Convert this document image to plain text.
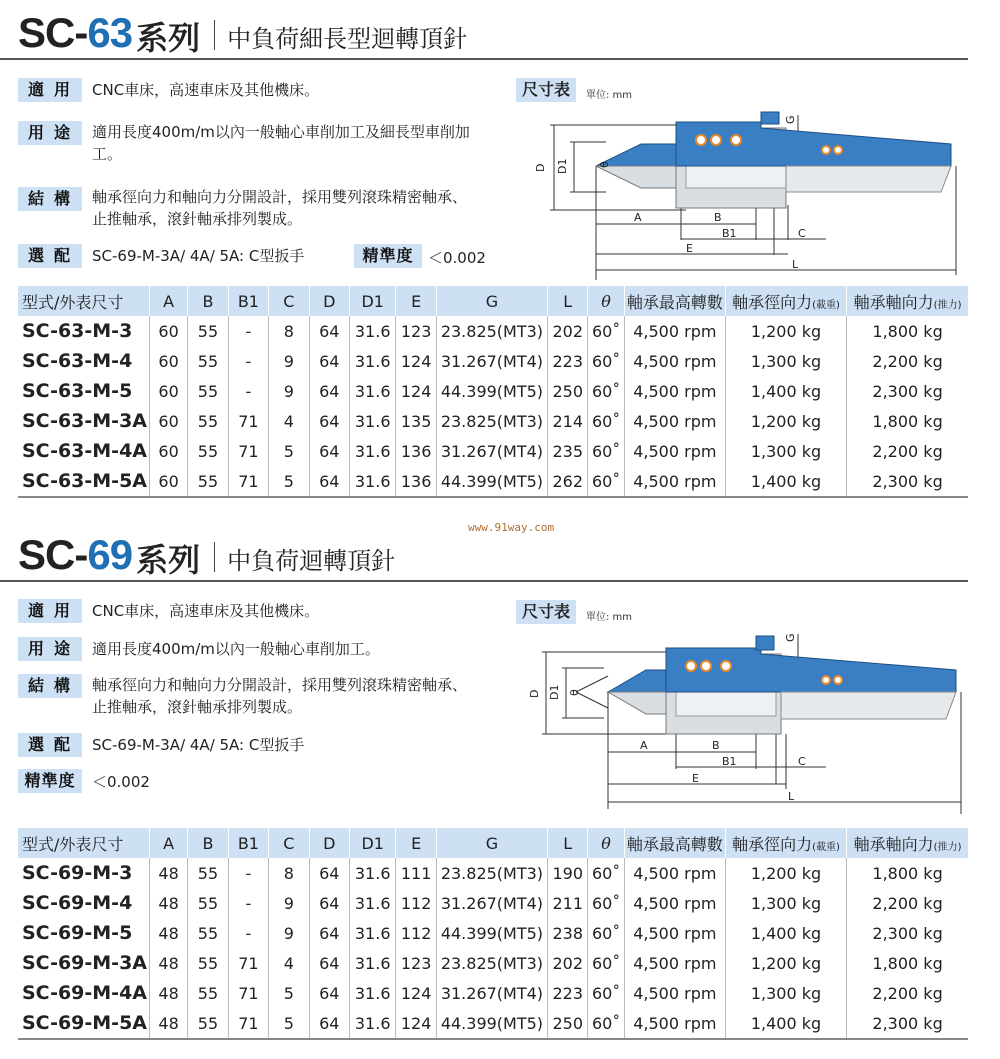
SC-63 系列 中負荷細長型迴轉頂針
適用 CNC車床，高速車床及其他機床。
用途 適用長度400m/m以內一般軸心車削加工及細長型車削加工。
結構 軸承徑向力和軸向力分開設計，採用雙列滾珠精密軸承、止推軸承，滾針軸承排列製成。
選配 SC-69-M-3A/ 4A/ 5A: C型扳手	精準度 ＜0.002
尺寸表	單位: mm
D D1	θ
A	B
B1	C
E
L
G
型式/外表尺寸	A	B	B1	C	D	D1	E	G	L	θ	軸承最高轉數	軸承徑向力(載重)	軸承軸向力(推力)
SC-63-M-3	60	55	-	8	64	31.6	123	23.825(MT3)	202	60˚	4,500 rpm	1,200 kg	1,800 kg
SC-63-M-4	60	55	-	9	64	31.6	124	31.267(MT4)	223	60˚	4,500 rpm	1,300 kg	2,200 kg
SC-63-M-5	60	55	-	9	64	31.6	124	44.399(MT5)	250	60˚	4,500 rpm	1,400 kg	2,300 kg
SC-63-M-3A	60	55	71	4	64	31.6	135	23.825(MT3)	214	60˚	4,500 rpm	1,200 kg	1,800 kg
SC-63-M-4A	60	55	71	5	64	31.6	136	31.267(MT4)	235	60˚	4,500 rpm	1,300 kg	2,200 kg
SC-63-M-5A	60	55	71	5	64	31.6	136	44.399(MT5)	262	60˚	4,500 rpm	1,400 kg	2,300 kg
www.91way.com
SC-69 系列 中負荷迴轉頂針
適用 CNC車床，高速車床及其他機床。
用途 適用長度400m/m以內一般軸心車削加工。
結構 軸承徑向力和軸向力分開設計，採用雙列滾珠精密軸承、止推軸承，滾針軸承排列製成。
選配 SC-69-M-3A/ 4A/ 5A: C型扳手
精準度	＜0.002
尺寸表	單位: mm
D D1 θ
A	B
B1	C
E
L
G
型式/外表尺寸	A	B	B1	C	D	D1	E	G	L	θ	軸承最高轉數	軸承徑向力(載重)	軸承軸向力(推力)
SC-69-M-3	48	55	-	8	64	31.6	111	23.825(MT3)	190	60˚	4,500 rpm	1,200 kg	1,800 kg
SC-69-M-4	48	55	-	9	64	31.6	112	31.267(MT4)	211	60˚	4,500 rpm	1,300 kg	2,200 kg
SC-69-M-5	48	55	-	9	64	31.6	112	44.399(MT5)	238	60˚	4,500 rpm	1,400 kg	2,300 kg
SC-69-M-3A	48	55	71	4	64	31.6	123	23.825(MT3)	202	60˚	4,500 rpm	1,200 kg	1,800 kg
SC-69-M-4A	48	55	71	5	64	31.6	124	31.267(MT4)	223	60˚	4,500 rpm	1,300 kg	2,200 kg
SC-69-M-5A	48	55	71	5	64	31.6	124	44.399(MT5)	250	60˚	4,500 rpm	1,400 kg	2,300 kg
